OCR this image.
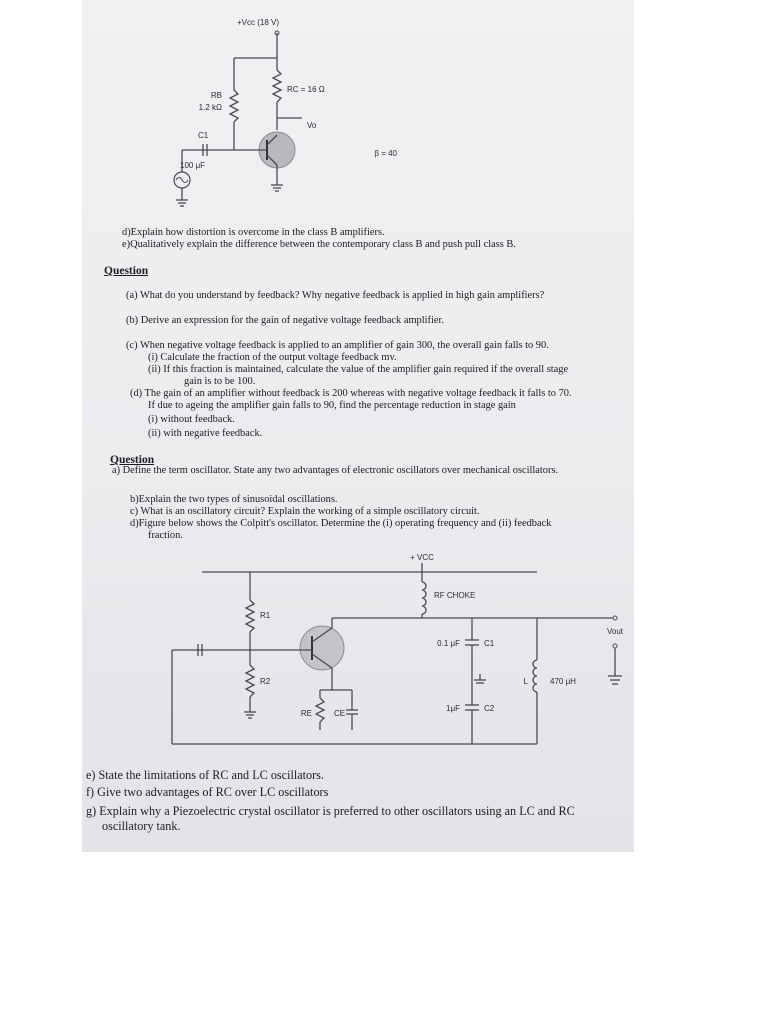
+Vcc (18 V)
RB
1.2 kΩ
RC = 16 Ω
C1
100 μF
Vo
β = 40
d)Explain how distortion is overcome in the class B amplifiers.
e)Qualitatively explain the difference between the contemporary class B and push pull class B.
Question
(a) What do you understand by feedback? Why negative feedback is applied in high gain amplifiers?
(b) Derive an expression for the gain of negative voltage feedback amplifier.
(c) When negative voltage feedback is applied to an amplifier of gain 300, the overall gain falls to 90.
(i) Calculate the fraction of the output voltage feedback mv.
(ii) If this fraction is maintained, calculate the value of the amplifier gain required if the overall stage
gain is to be 100.
(d) The gain of an amplifier without feedback is 200 whereas with negative voltage feedback it falls to 70.
If due to ageing the amplifier gain falls to 90, find the percentage reduction in stage gain
(i) without feedback.
(ii) with negative feedback.
Question
a) Define the term oscillator. State any two advantages of electronic oscillators over mechanical oscillators.
b)Explain the two types of sinusoidal oscillations.
c) What is an oscillatory circuit? Explain the working of a simple oscillatory circuit.
d)Figure below shows the Colpitt's oscillator. Determine the (i) operating frequency and (ii) feedback
fraction.
+ VCC
RF CHOKE
R1
R2
RE	CE
0.1 μF	C1
1μF	C2
L	470 μH
Vout
e) State the limitations of RC and LC oscillators.
f) Give two advantages of RC over LC oscillators
g) Explain why a Piezoelectric crystal oscillator is preferred to other oscillators using an LC and RC
oscillatory tank.
